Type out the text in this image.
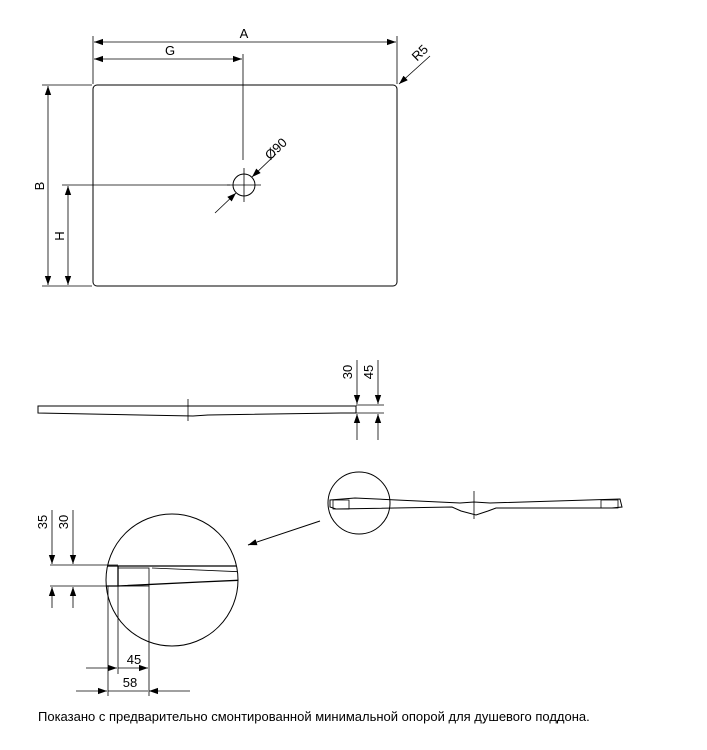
A
G
B
H
Ø90
R5
30 45
35 30
45
58
Показано с предварительно смонтированной минимальной опорой для душевого поддона.
